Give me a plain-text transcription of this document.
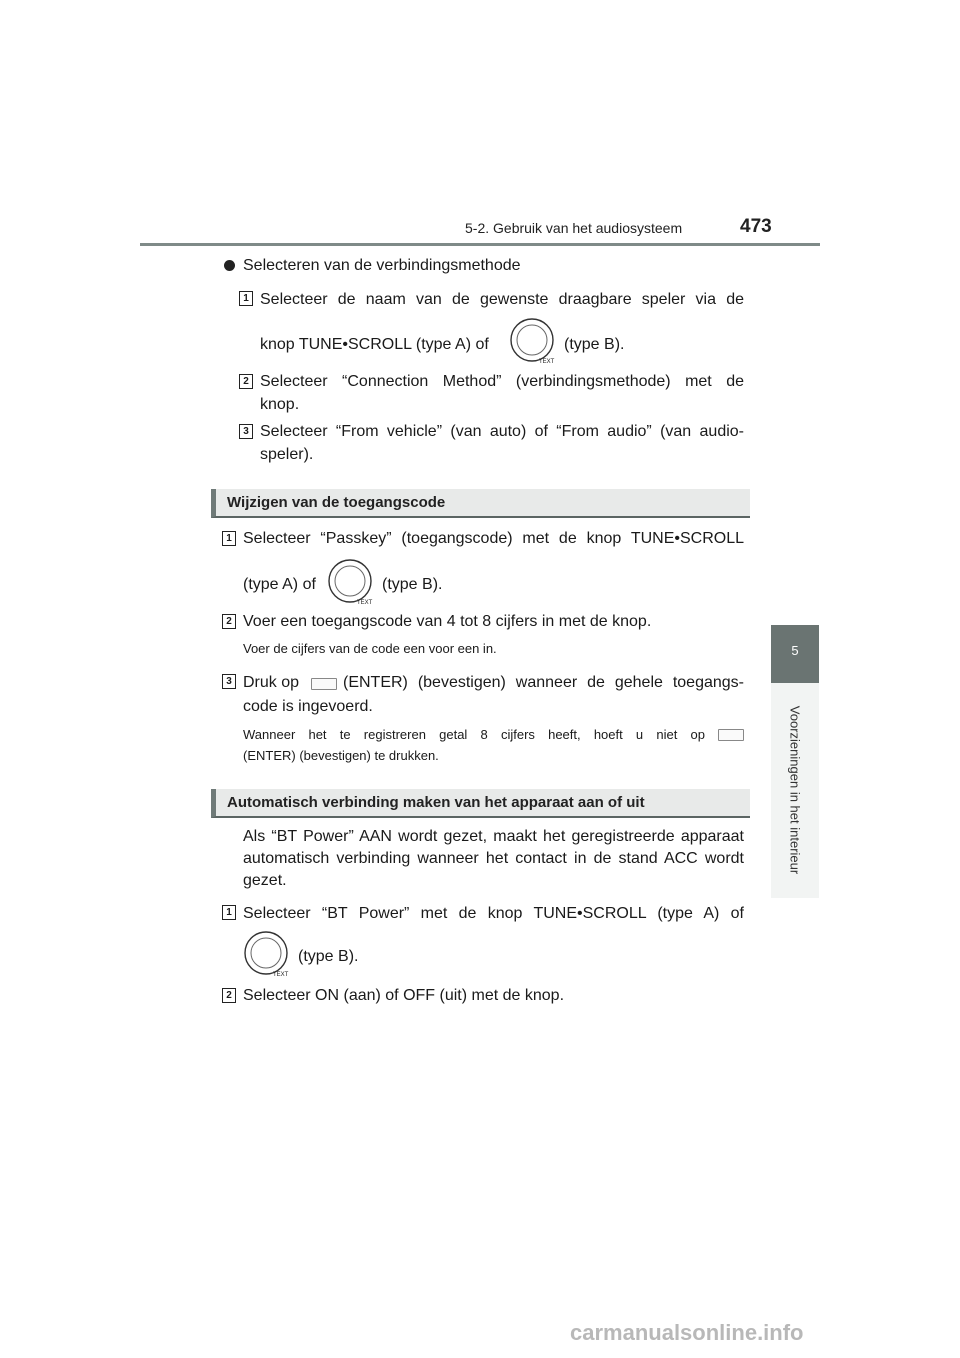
5-2. Gebruik van het audiosysteem	473
5
Voorzieningen in het interieur
Selecteren van de verbindingsmethode
1 Selecteer de naam van de gewenste draagbare speler via de
knop TUNE•SCROLL (type A) of
TEXT
(type B).
2 Selecteer “Connection Method” (verbindingsmethode) met de
knop.
3 Selecteer “From vehicle” (van auto) of “From audio” (van audio-
speler).
Wijzigen van de toegangscode
1 Selecteer “Passkey” (toegangscode) met de knop TUNE•SCROLL
(type A) of
TEXT
(type B).
2 Voer een toegangscode van 4 tot 8 cijfers in met de knop.
Voer de cijfers van de code een voor een in.
3 Druk op	(ENTER) (bevestigen) wanneer de gehele toegangs-
code is ingevoerd.
Wanneer het te registreren getal 8 cijfers heeft, hoeft u niet op
(ENTER) (bevestigen) te drukken.
Automatisch verbinding maken van het apparaat aan of uit
Als “BT Power” AAN wordt gezet, maakt het geregistreerde apparaat
automatisch verbinding wanneer het contact in de stand ACC wordt
gezet.
1 Selecteer “BT Power” met de knop TUNE•SCROLL (type A) of
TEXT
(type B).
2 Selecteer ON (aan) of OFF (uit) met de knop.
carmanualsonline.info
